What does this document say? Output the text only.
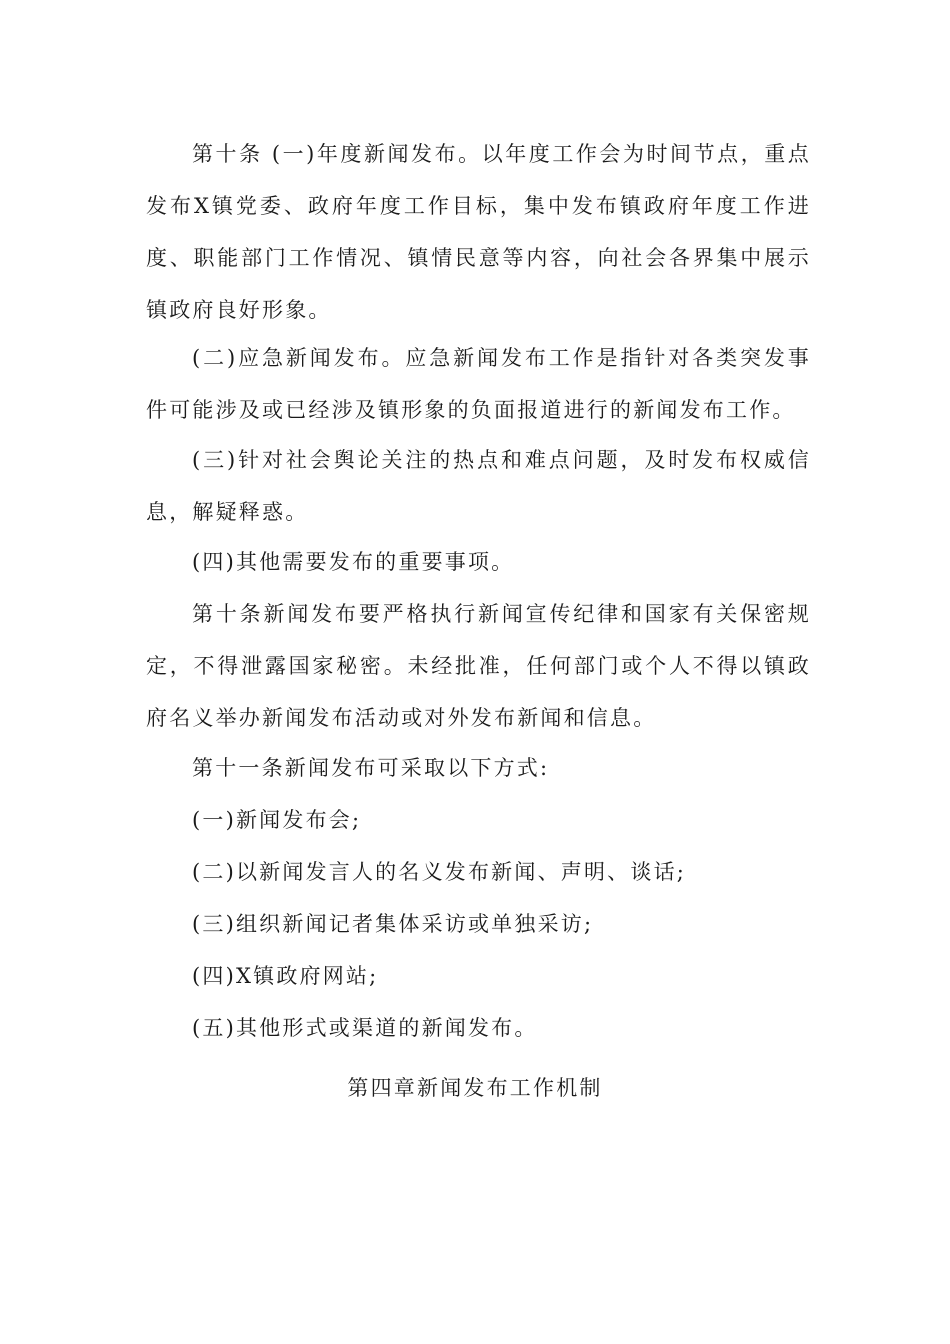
第十条 (一)年度新闻发布。以年度工作会为时间节点，重点发布X镇党委、政府年度工作目标，集中发布镇政府年度工作进度、职能部门工作情况、镇情民意等内容，向社会各界集中展示镇政府良好形象。

(二)应急新闻发布。应急新闻发布工作是指针对各类突发事件可能涉及或已经涉及镇形象的负面报道进行的新闻发布工作。

(三)针对社会舆论关注的热点和难点问题，及时发布权威信息，解疑释惑。

(四)其他需要发布的重要事项。

第十条新闻发布要严格执行新闻宣传纪律和国家有关保密规定，不得泄露国家秘密。未经批准，任何部门或个人不得以镇政府名义举办新闻发布活动或对外发布新闻和信息。

第十一条新闻发布可采取以下方式:

(一)新闻发布会;

(二)以新闻发言人的名义发布新闻、声明、谈话;

(三)组织新闻记者集体采访或单独采访;

(四)X镇政府网站;

(五)其他形式或渠道的新闻发布。

第四章新闻发布工作机制
